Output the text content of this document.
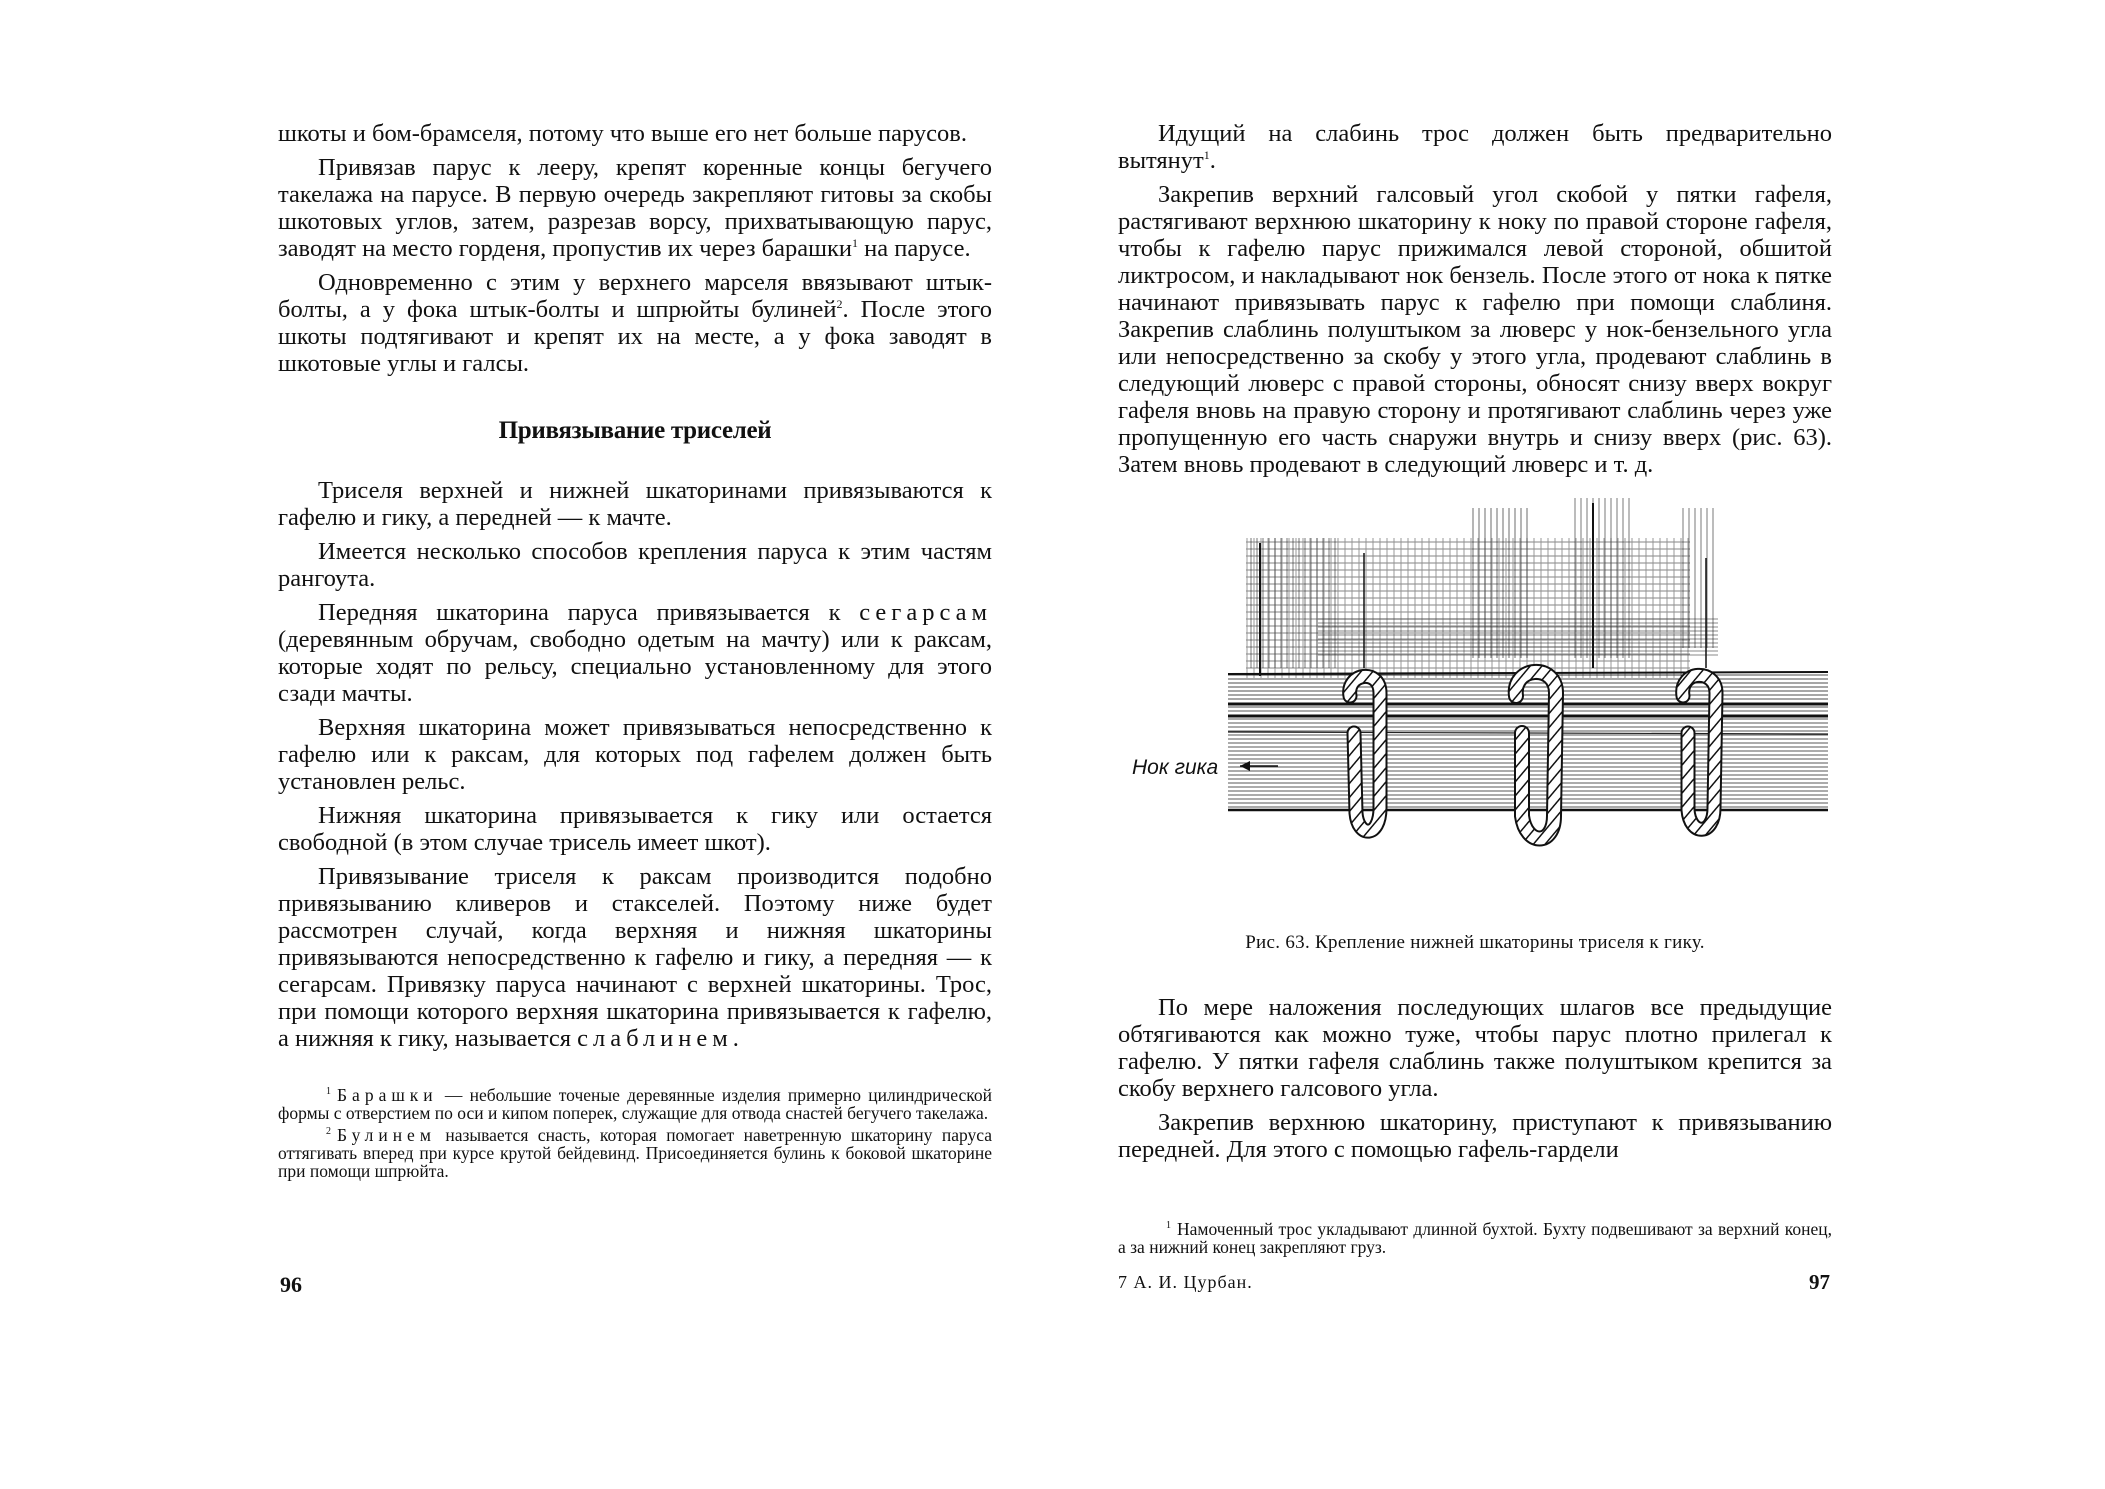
шкоты и бом-брамселя, потому что выше его нет больше парусов.

Привязав парус к лееру, крепят коренные концы бегучего такелажа на парусе. В первую очередь закрепляют гитовы за скобы шкотовых углов, затем, разрезав ворсу, прихватывающую парус, заводят на место горденя, пропустив их через барашки$^1$ на парусе.

Одновременно с этим у верхнего марселя ввязывают штык-болты, а у фока штык-болты и шпрюйты булиней$^2$. После этого шкоты подтягивают и крепят их на месте, а у фока заводят в шкотовые углы и галсы.

Привязывание триселей

Триселя верхней и нижней шкаторинами привязываются к гафелю и гику, а передней — к мачте.

Имеется несколько способов крепления паруса к этим частям рангоута.

Передняя шкаторина паруса привязывается к сегарсам (деревянным обручам, свободно одетым на мачту) или к раксам, которые ходят по рельсу, специально установленному для этого сзади мачты.

Верхняя шкаторина может привязываться непосредственно к гафелю или к раксам, для которых под гафелем должен быть установлен рельс.

Нижняя шкаторина привязывается к гику или остается свободной (в этом случае трисель имеет шкот).

Привязывание триселя к раксам производится подобно привязыванию кливеров и стакселей. Поэтому ниже будет рассмотрен случай, когда верхняя и нижняя шкаторины привязываются непосредственно к гафелю и гику, а передняя — к сегарсам. Привязку паруса начинают с верхней шкаторины. Трос, при помощи которого верхняя шкаторина привязывается к гафелю, а нижняя к гику, называется слаблинем.

$^1$ Барашки — небольшие точеные деревянные изделия примерно цилиндрической формы с отверстием по оси и кипом поперек, служащие для отвода снастей бегучего такелажа.

$^2$ Булинем называется снасть, которая помогает наветренную шкаторину паруса оттягивать вперед при курсе крутой бейдевинд. Присоединяется булинь к боковой шкаторине при помощи шпрюйта.

96

Идущий на слабинь трос должен быть предварительно вытянут$^1$.

Закрепив верхний галсовый угол скобой у пятки гафеля, растягивают верхнюю шкаторину к ноку по правой стороне гафеля, чтобы к гафелю парус прижимался левой стороной, обшитой ликтросом, и накладывают нок бензель. После этого от нока к пятке начинают привязывать парус к гафелю при помощи слаблиня. Закрепив слаблинь полуштыком за люверс у нок-бензельного угла или непосредственно за скобу у этого угла, продевают слаблинь в следующий люверс с правой стороны, обносят снизу вверх вокруг гафеля вновь на правую сторону и протягивают слаблинь через уже пропущенную его часть снаружи внутрь и снизу вверх (рис. 63). Затем вновь продевают в следующий люверс и т. д.

Нок гика

Рис. 63. Крепление нижней шкаторины триселя к гику.

По мере наложения последующих шлагов все предыдущие обтягиваются как можно туже, чтобы парус плотно прилегал к гафелю. У пятки гафеля слаблинь также полуштыком крепится за скобу верхнего галсового угла.

Закрепив верхнюю шкаторину, приступают к привязыванию передней. Для этого с помощью гафель-гардели

$^1$ Намоченный трос укладывают длинной бухтой. Бухту подвешивают за верхний конец, а за нижний конец закрепляют груз.

7 А. И. Цурбан.	97
